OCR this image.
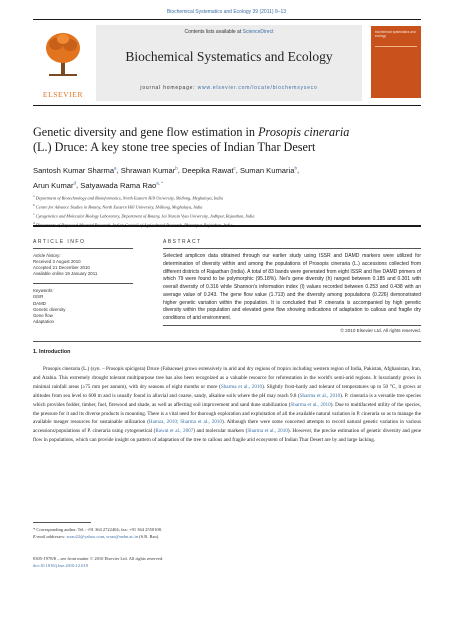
Biochemical Systematics and Ecology 39 (2011) 9–13
ELSEVIER
Contents lists available at ScienceDirect
Biochemical Systematics and Ecology
journal homepage: www.elsevier.com/locate/biochemsyseco
biochemical systematics and ecology
Genetic diversity and gene flow estimation in Prosopis cineraria
(L.) Druce: A key stone tree species of Indian Thar Desert
Santosh Kumar Sharma$^a$, Shrawan Kumar$^b$, Deepika Rawat$^c$, Suman Kumaria$^b$,
Arun Kumar$^d$, Satyawada Rama Rao$^{a, *}$
$^a$ Department of Biotechnology and Bioinformatics, North Eastern Hill University, Shillong, Meghalaya, India
$^b$ Centre for Advance Studies in Botany, North Eastern Hill University, Shillong, Meghalaya, India
$^c$ Cytogenetics and Molecular Biology Laboratory, Department of Botany, Jai Narain Vyas University, Jodhpur, Rajasthan, India
$^d$
ARTICLE INFO
Article history:
Received 3 August 2010
Accepted 21 December 2010
Available online 19 January 2011
Keywords:
ISSR
DAMD
Genetic diversity
Gene flow
Adaptation
ABSTRACT
Selected amplicon data obtained through our earlier study using ISSR and DAMD markers were utilized for determination of diversity within and among the populations of Prosopis cineraria (L.) accessions collected from different districts of Rajasthan (India). A total of 83 bands were generated from eight ISSR and five DAMD primers of which 79 were found to be polymorphic (95.18%). Nei's gene diversity (h) ranged between 0.185 and 0.301 with overall diversity of 0.316 while Shannon's information index (I) values recorded between 0.253 and 0.438 with an average value of 0.243. The gene flow value (1.713) and the diversity among populations (0.226) demonstrated higher genetic variation within the population. It is concluded that P. cineraria is accompanied by high genetic diversity within the population and elevated gene flow showing indications of adaptation to callous and fragile dry conditions of arid environment.
© 2010 Elsevier Ltd. All rights reserved.
1. Introduction
Prosopis cineraria (L.) (syn. – Prosopis spicigera) Druce (Fabaceae) grows extensively in arid and dry regions of tropics including western region of India, Pakistan, Afghanistan, Iran, and Arabia. This extremely drought tolerant multipurpose tree has also been recognized as a valuable resource for reforestation in the world's semi-arid regions. It luxuriantly grows in minimal rainfall areas (≥75 mm per annum), with dry seasons of eight months or more (Sharma et al., 2010). Slightly frost-hardy and tolerant of temperatures up to 50 °C, it grows at altitudes from sea level to 600 m and is usually found in alluvial and coarse, sandy, alkaline soils where the pH may reach 9.8 (Sharma et al., 2010). P. cineraria is a versatile tree species which provides fodder, timber, fuel, firewood and shade, as well as affecting soil improvement and sand dune stabilization (Sharma et al., 2010). Due to multifaceted utility of the species, the pressure for it and its diverse products is mounting. There is a vital need for thorough exploration and exploitation of all the available natural variation in P. cineraria so as to manage the available meager resources for sustainable utilization (Hamza, 2010; Sharma et al., 2010). Although there were some concerted attempts to record natural genetic variation in various accessions/populations of P. cineraria using cytogenetical (Rawat et al., 2007) and molecular markers (Sharma et al., 2010). However, the precise estimation of genetic diversity and gene flow in populations, which can provide insight on pattern of adaptation of the tree to callous and fragile arid ecosystem of Indian Thar Desert are by and large lacking.
* Corresponding author. Tel.: +91 364 2722404; fax: +91 364 2550108.
E-mail addresses: srrao22@yahoo.com, srrao@nehu.ac.in (S.R. Rao).
0305-1978/$ – see front matter © 2010 Elsevier Ltd. All rights reserved.
doi:10.1016/j.bse.2010.12.018
